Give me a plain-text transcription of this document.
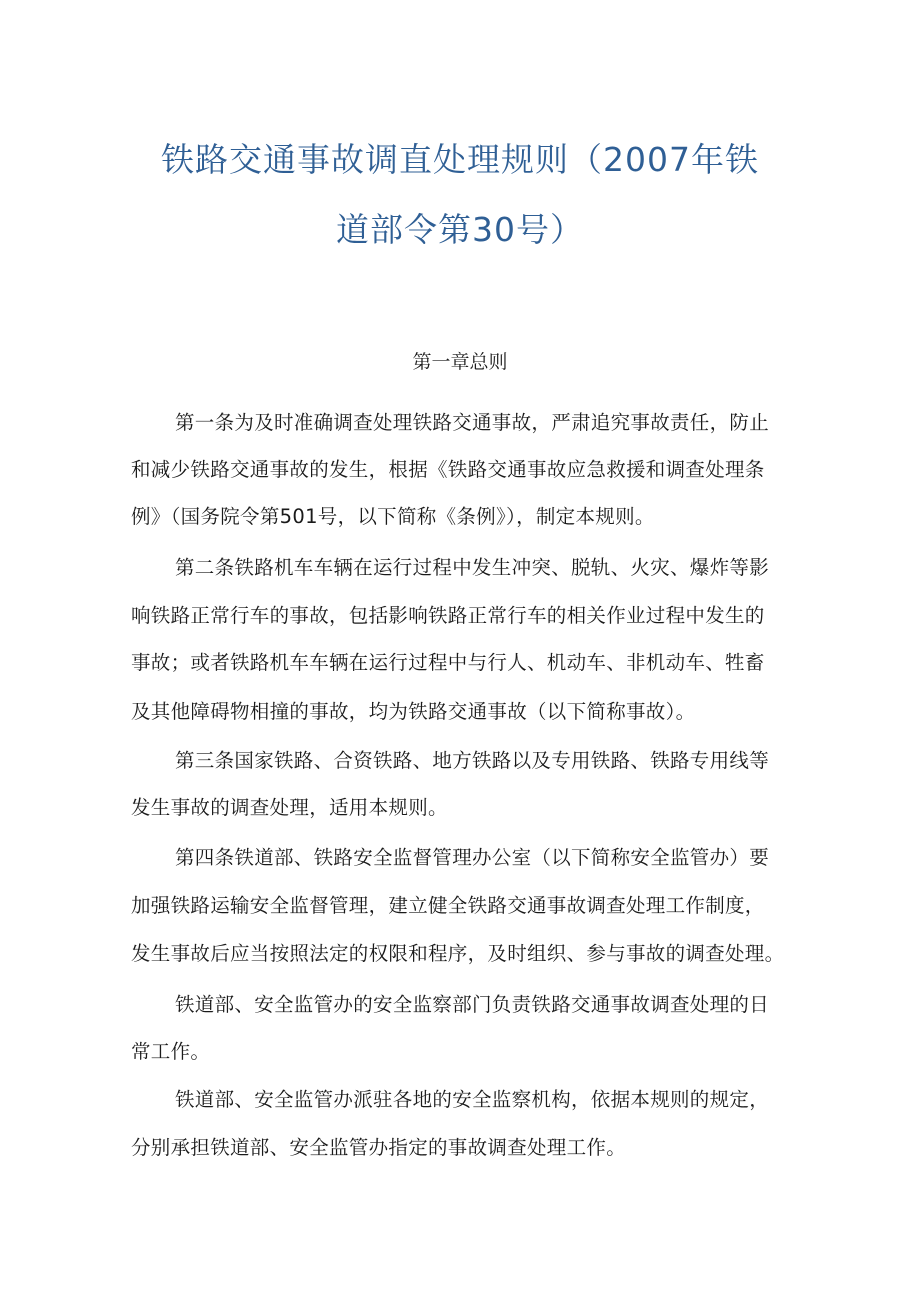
铁路交通事故调直处理规则（2007年铁
道部令第30号）
第一章总则
第一条为及时准确调查处理铁路交通事故，严肃追究事故责任，防止
和减少铁路交通事故的发生，根据《铁路交通事故应急救援和调查处理条
例》（国务院令第501号，以下简称《条例》），制定本规则。
第二条铁路机车车辆在运行过程中发生冲突、脱轨、火灾、爆炸等影
响铁路正常行车的事故，包括影响铁路正常行车的相关作业过程中发生的
事故；或者铁路机车车辆在运行过程中与行人、机动车、非机动车、牲畜
及其他障碍物相撞的事故，均为铁路交通事故（以下简称事故）。
第三条国家铁路、合资铁路、地方铁路以及专用铁路、铁路专用线等
发生事故的调查处理，适用本规则。
第四条铁道部、铁路安全监督管理办公室（以下简称安全监管办）要
加强铁路运输安全监督管理，建立健全铁路交通事故调查处理工作制度，
发生事故后应当按照法定的权限和程序，及时组织、参与事故的调查处理。
铁道部、安全监管办的安全监察部门负责铁路交通事故调查处理的日
常工作。
铁道部、安全监管办派驻各地的安全监察机构，依据本规则的规定，
分别承担铁道部、安全监管办指定的事故调查处理工作。
